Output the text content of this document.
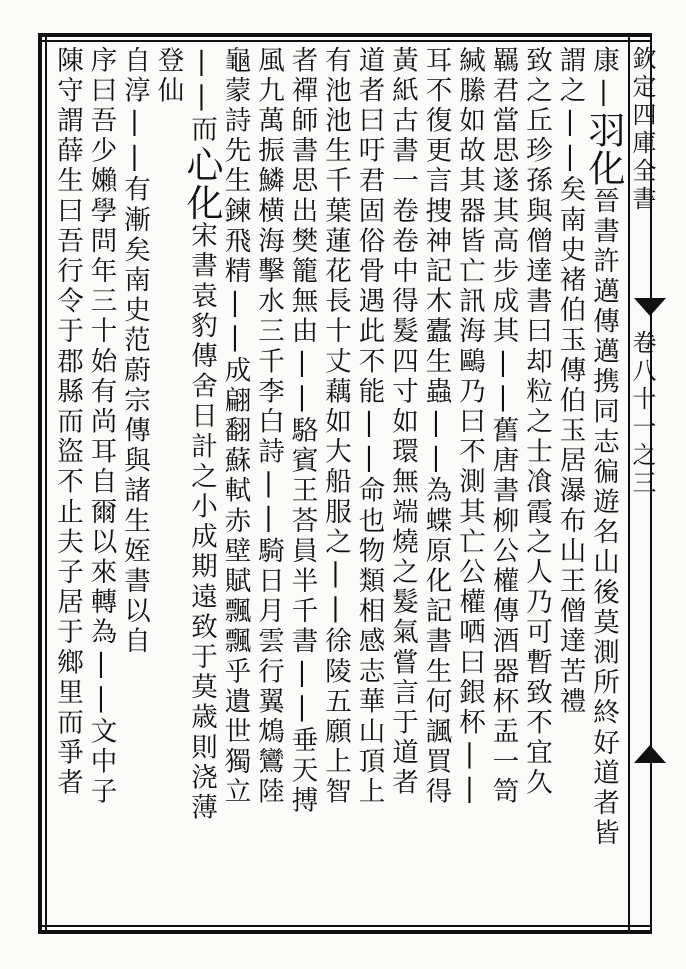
康|羽化晉書許邁傳邁携同志徧遊名山後莫測所終好道者皆
謂之||矣南史褚伯玉傳伯玉居瀑布山王僧達苦禮
致之丘珍孫與僧達書曰却粒之士飡霞之人乃可暫致不宜久
羈君當思遂其高步成其||舊唐書柳公權傳酒器杯盂一笥
緘縢如故其器皆亡訊海鷗乃曰不測其亡公權哂曰銀杯||
耳不復更言捜神記木蠹生蟲||為蝶原化記書生何諷買得
黃紙古書一卷卷中得髮四寸如環無端燒之髮氣嘗言于道者
道者曰吁君固俗骨遇此不能||命也物類相感志華山頂上
有池池生千葉蓮花長十丈藕如大船服之||徐陵五願上智
者禪師書思出樊籠無由||駱賓王荅員半千書||垂天搏
風九萬振鱗横海擊水三千李白詩||騎日月雲行翼鴆鸞陸
龜蒙詩先生鍊飛精||成翩翻蘇軾赤壁賦飄飄乎遺世獨立
||而心化宋書袁豹傳舍日計之小成期遠致于莫歳則浇薄
登仙
自淳||有漸矣南史范蔚宗傳與諸生姪書以自
序曰吾少嬾學問年三十始有尚耳自爾以來轉為||文中子
陳守謂薛生曰吾行令于郡縣而盜不止夫子居于鄉里而爭者	欽定四庫全書
卷八十一之三
